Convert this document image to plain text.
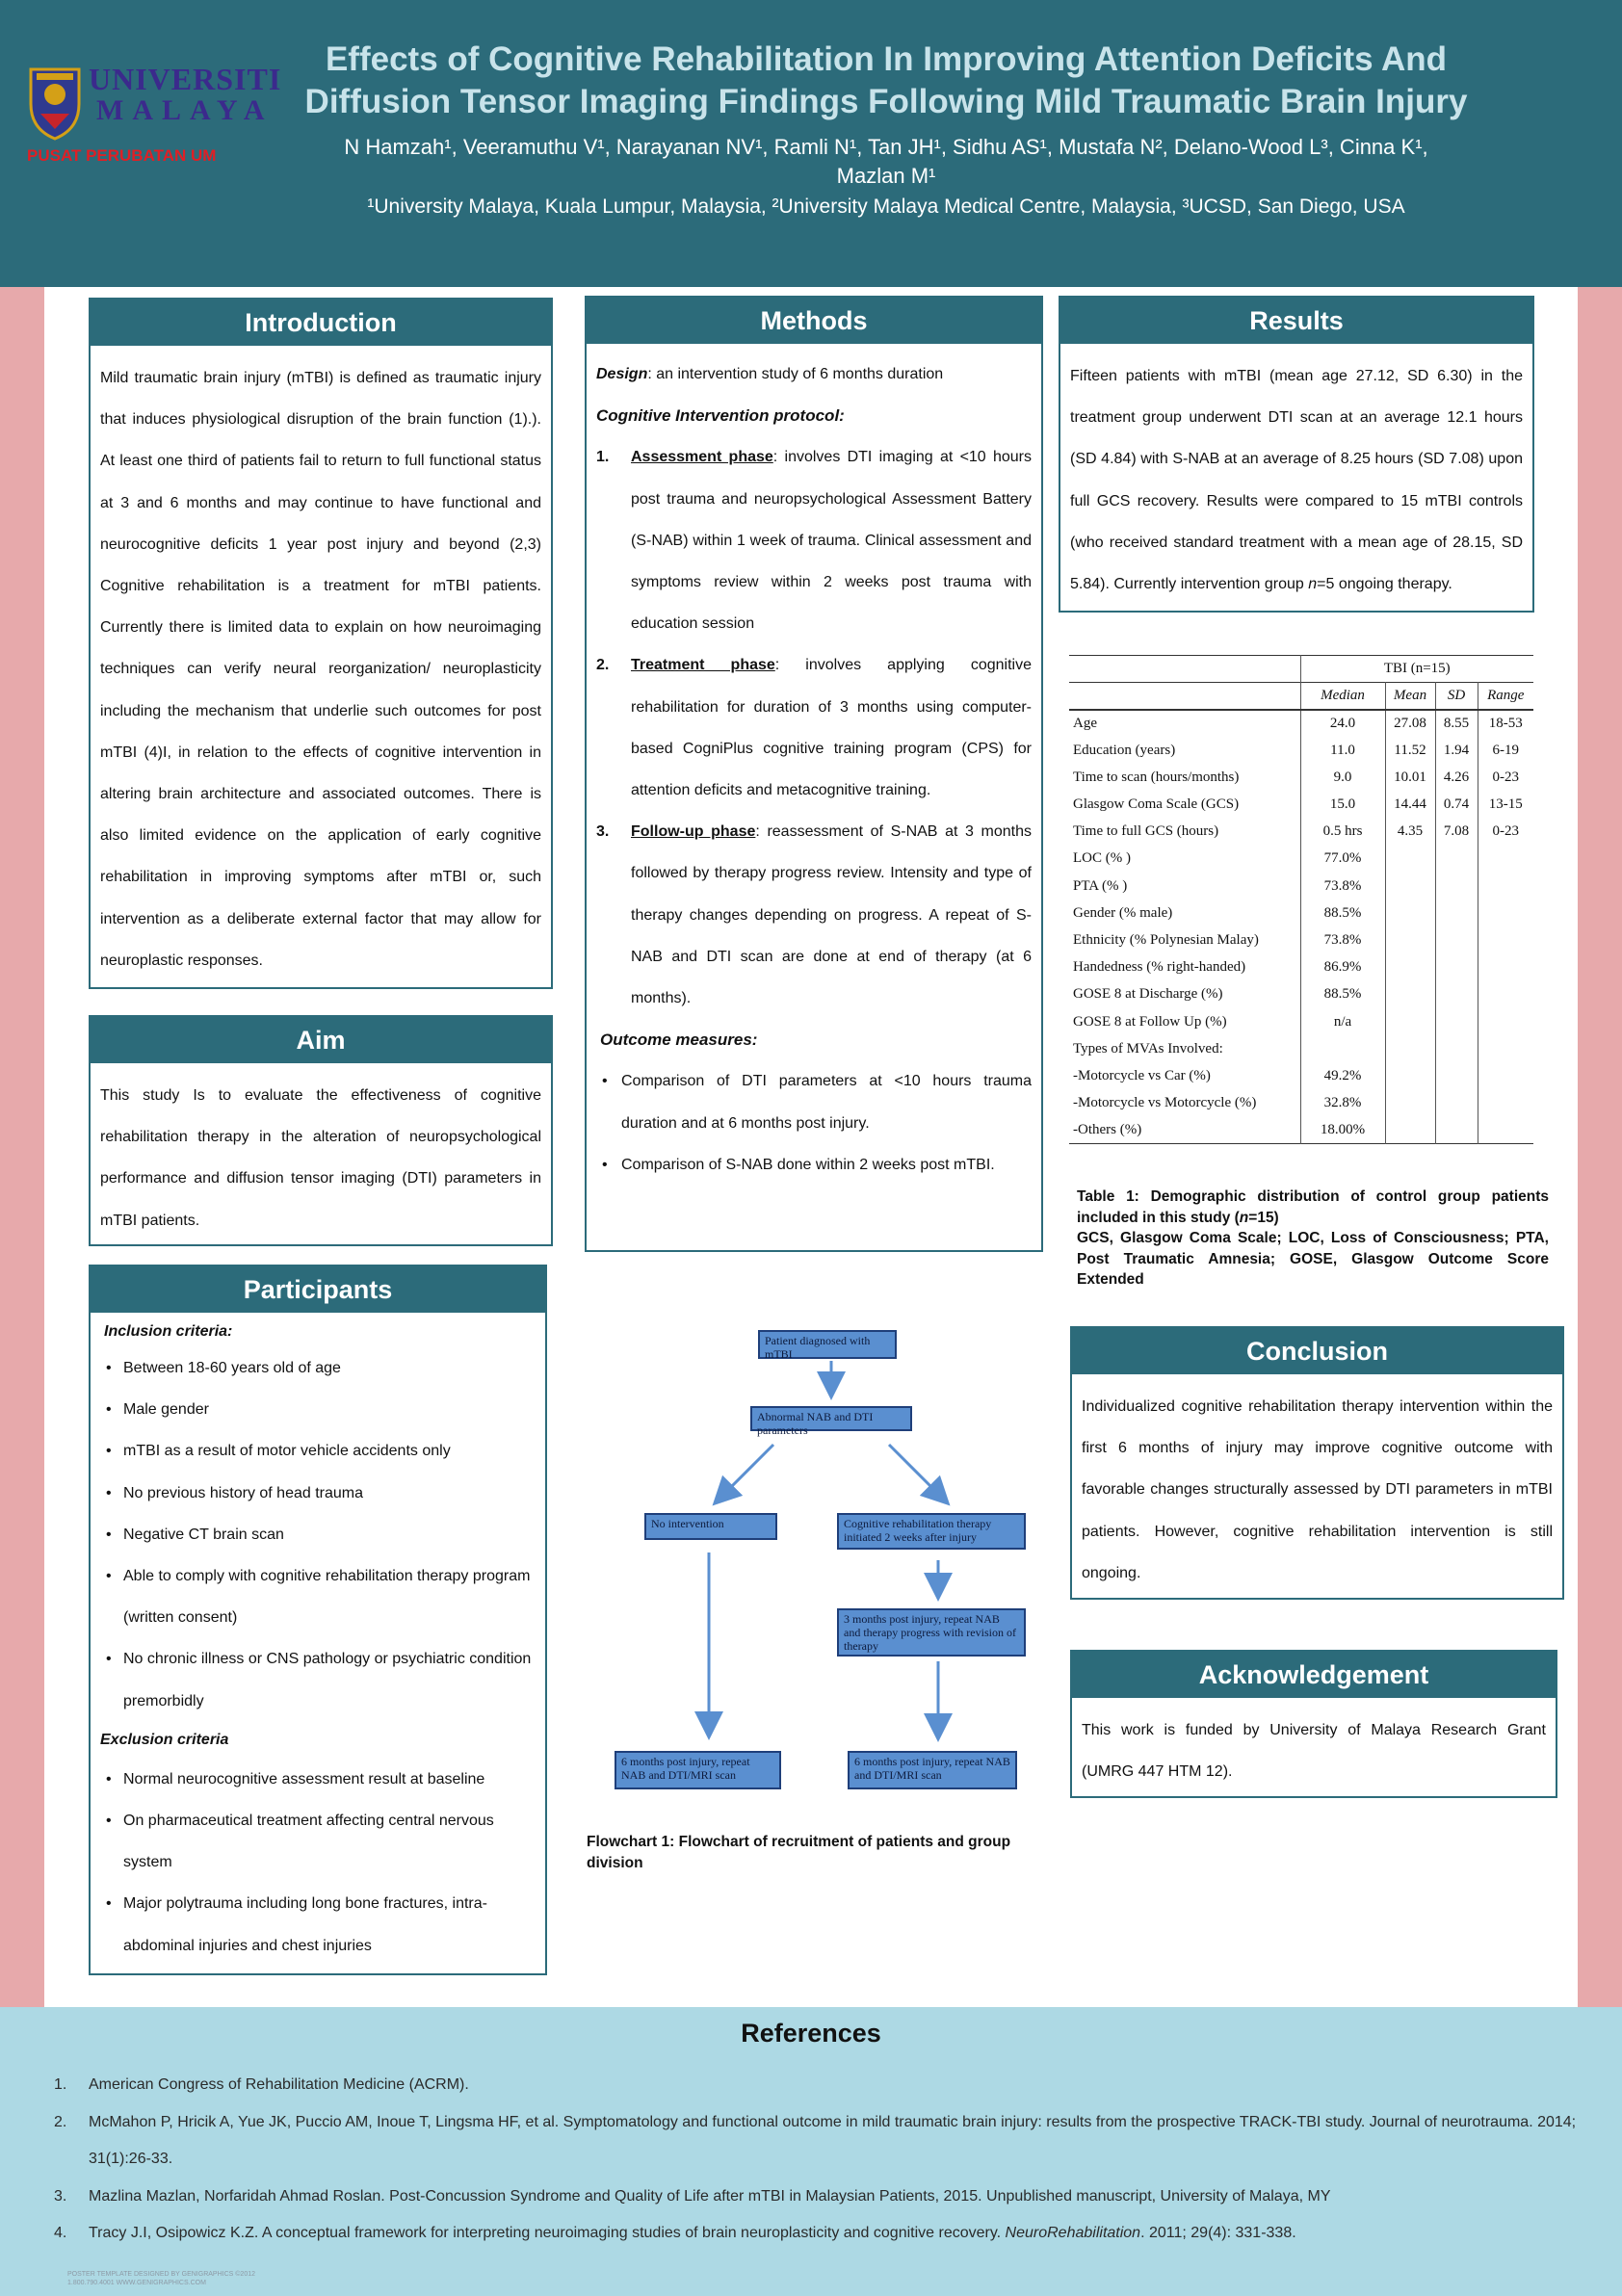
UNIVERSITI
MALAYA
PUSAT PERUBATAN UM
Effects of Cognitive Rehabilitation In Improving Attention Deficits And
Diffusion Tensor Imaging Findings Following Mild Traumatic Brain Injury
N Hamzah¹, Veeramuthu V¹, Narayanan NV¹, Ramli N¹, Tan JH¹, Sidhu AS¹, Mustafa N², Delano-Wood L³, Cinna K¹,
Mazlan M¹
¹University Malaya, Kuala Lumpur, Malaysia, ²University Malaya Medical Centre, Malaysia, ³UCSD, San Diego, USA
Introduction
Mild traumatic brain injury (mTBI) is defined as traumatic injury that induces physiological disruption of the brain function (1).). At least one third of patients fail to return to full functional status at 3 and 6 months and may continue to have functional and neurocognitive deficits 1 year post injury and beyond (2,3) Cognitive rehabilitation is a treatment for mTBI patients. Currently there is limited data to explain on how neuroimaging techniques can verify neural reorganization/ neuroplasticity including the mechanism that underlie such outcomes for post mTBI (4)I, in relation to the effects of cognitive intervention in altering brain architecture and associated outcomes. There is also limited evidence on the application of early cognitive rehabilitation in improving symptoms after mTBI or, such intervention as a deliberate external factor that may allow for neuroplastic responses.
Aim
This study Is to evaluate the effectiveness of cognitive rehabilitation therapy in the alteration of neuropsychological performance and diffusion tensor imaging (DTI) parameters in mTBI patients.
Participants
Inclusion criteria:
• Between 18-60 years old of age
• Male gender
• mTBI as a result of motor vehicle accidents only
• No previous history of head trauma
• Negative CT brain scan
• Able to comply with cognitive rehabilitation therapy program (written consent)
• No chronic illness or CNS pathology or psychiatric condition premorbidly
Exclusion criteria
• Normal neurocognitive assessment result at baseline
• On pharmaceutical treatment affecting central nervous system
• Major polytrauma including long bone fractures, intra-abdominal injuries and chest injuries
Methods
Design: an intervention study of 6 months duration
Cognitive Intervention protocol:
1. Assessment phase: involves DTI imaging at <10 hours post trauma and neuropsychological Assessment Battery (S-NAB) within 1 week of trauma. Clinical assessment and symptoms review within 2 weeks post trauma with education session
2. Treatment phase: involves applying cognitive rehabilitation for duration of 3 months using computer-based CogniPlus cognitive training program (CPS) for attention deficits and metacognitive training.
3. Follow-up phase: reassessment of S-NAB at 3 months followed by therapy progress review. Intensity and type of therapy changes depending on progress. A repeat of S-NAB and DTI scan are done at end of therapy (at 6 months).
Outcome measures:
• Comparison of DTI parameters at <10 hours trauma duration and at 6 months post injury.
• Comparison of S-NAB done within 2 weeks post mTBI.
Patient diagnosed with mTBI
Abnormal NAB and DTI parameters
No intervention	Cognitive rehabilitation therapy initiated 2 weeks after injury
3 months post injury, repeat NAB and therapy progress with revision of therapy
6 months post injury, repeat NAB and DTI/MRI scan
6 months post injury, repeat NAB and DTI/MRI scan
Flowchart 1: Flowchart of recruitment of patients and group division
Results
Fifteen patients with mTBI (mean age 27.12, SD 6.30) in the treatment group underwent DTI scan at an average 12.1 hours (SD 4.84) with S-NAB at an average of 8.25 hours (SD 7.08) upon full GCS recovery. Results were compared to 15 mTBI controls (who received standard treatment with a mean age of 28.15, SD 5.84). Currently intervention group n=5 ongoing therapy.
	TBI (n=15)			
	Median	Mean	SD	Range
Age	24.0	27.08	8.55	18-53
Education (years)	11.0	11.52	1.94	6-19
Time to scan (hours/months)	9.0	10.01	4.26	0-23
Glasgow Coma Scale (GCS)	15.0	14.44	0.74	13-15
Time to full GCS (hours)	0.5 hrs	4.35	7.08	0-23
LOC (% )	77.0%			
PTA (% )	73.8%			
Gender (% male)	88.5%			
Ethnicity (% Polynesian Malay)	73.8%			
Handedness (% right-handed)	86.9%			
GOSE 8 at Discharge (%)	88.5%			
GOSE 8 at Follow Up (%)	n/a			
Types of MVAs Involved:				
-Motorcycle vs Car (%)	49.2%			
-Motorcycle vs Motorcycle (%)	32.8%			
-Others (%)	18.00%			
Table 1: Demographic distribution of control group patients included in this study (n=15)
GCS, Glasgow Coma Scale; LOC, Loss of Consciousness; PTA, Post Traumatic Amnesia; GOSE, Glasgow Outcome Score Extended
Conclusion
Individualized cognitive rehabilitation therapy intervention within the first 6 months of injury may improve cognitive outcome with favorable changes structurally assessed by DTI parameters in mTBI patients. However, cognitive rehabilitation intervention is still ongoing.
Acknowledgement
This work is funded by University of Malaya Research Grant (UMRG 447 HTM 12).
References
1. American Congress of Rehabilitation Medicine (ACRM).
2. McMahon P, Hricik A, Yue JK, Puccio AM, Inoue T, Lingsma HF, et al. Symptomatology and functional outcome in mild traumatic brain injury: results from the prospective TRACK-TBI study. Journal of neurotrauma. 2014; 31(1):26-33.
3. Mazlina Mazlan, Norfaridah Ahmad Roslan. Post-Concussion Syndrome and Quality of Life after mTBI in Malaysian Patients, 2015. Unpublished manuscript, University of Malaya, MY
4. Tracy J.I, Osipowicz K.Z. A conceptual framework for interpreting neuroimaging studies of brain neuroplasticity and cognitive recovery. NeuroRehabilitation. 2011; 29(4): 331-338.
POSTER TEMPLATE DESIGNED BY GENIGRAPHICS ©2012
1.800.790.4001 WWW.GENIGRAPHICS.COM
